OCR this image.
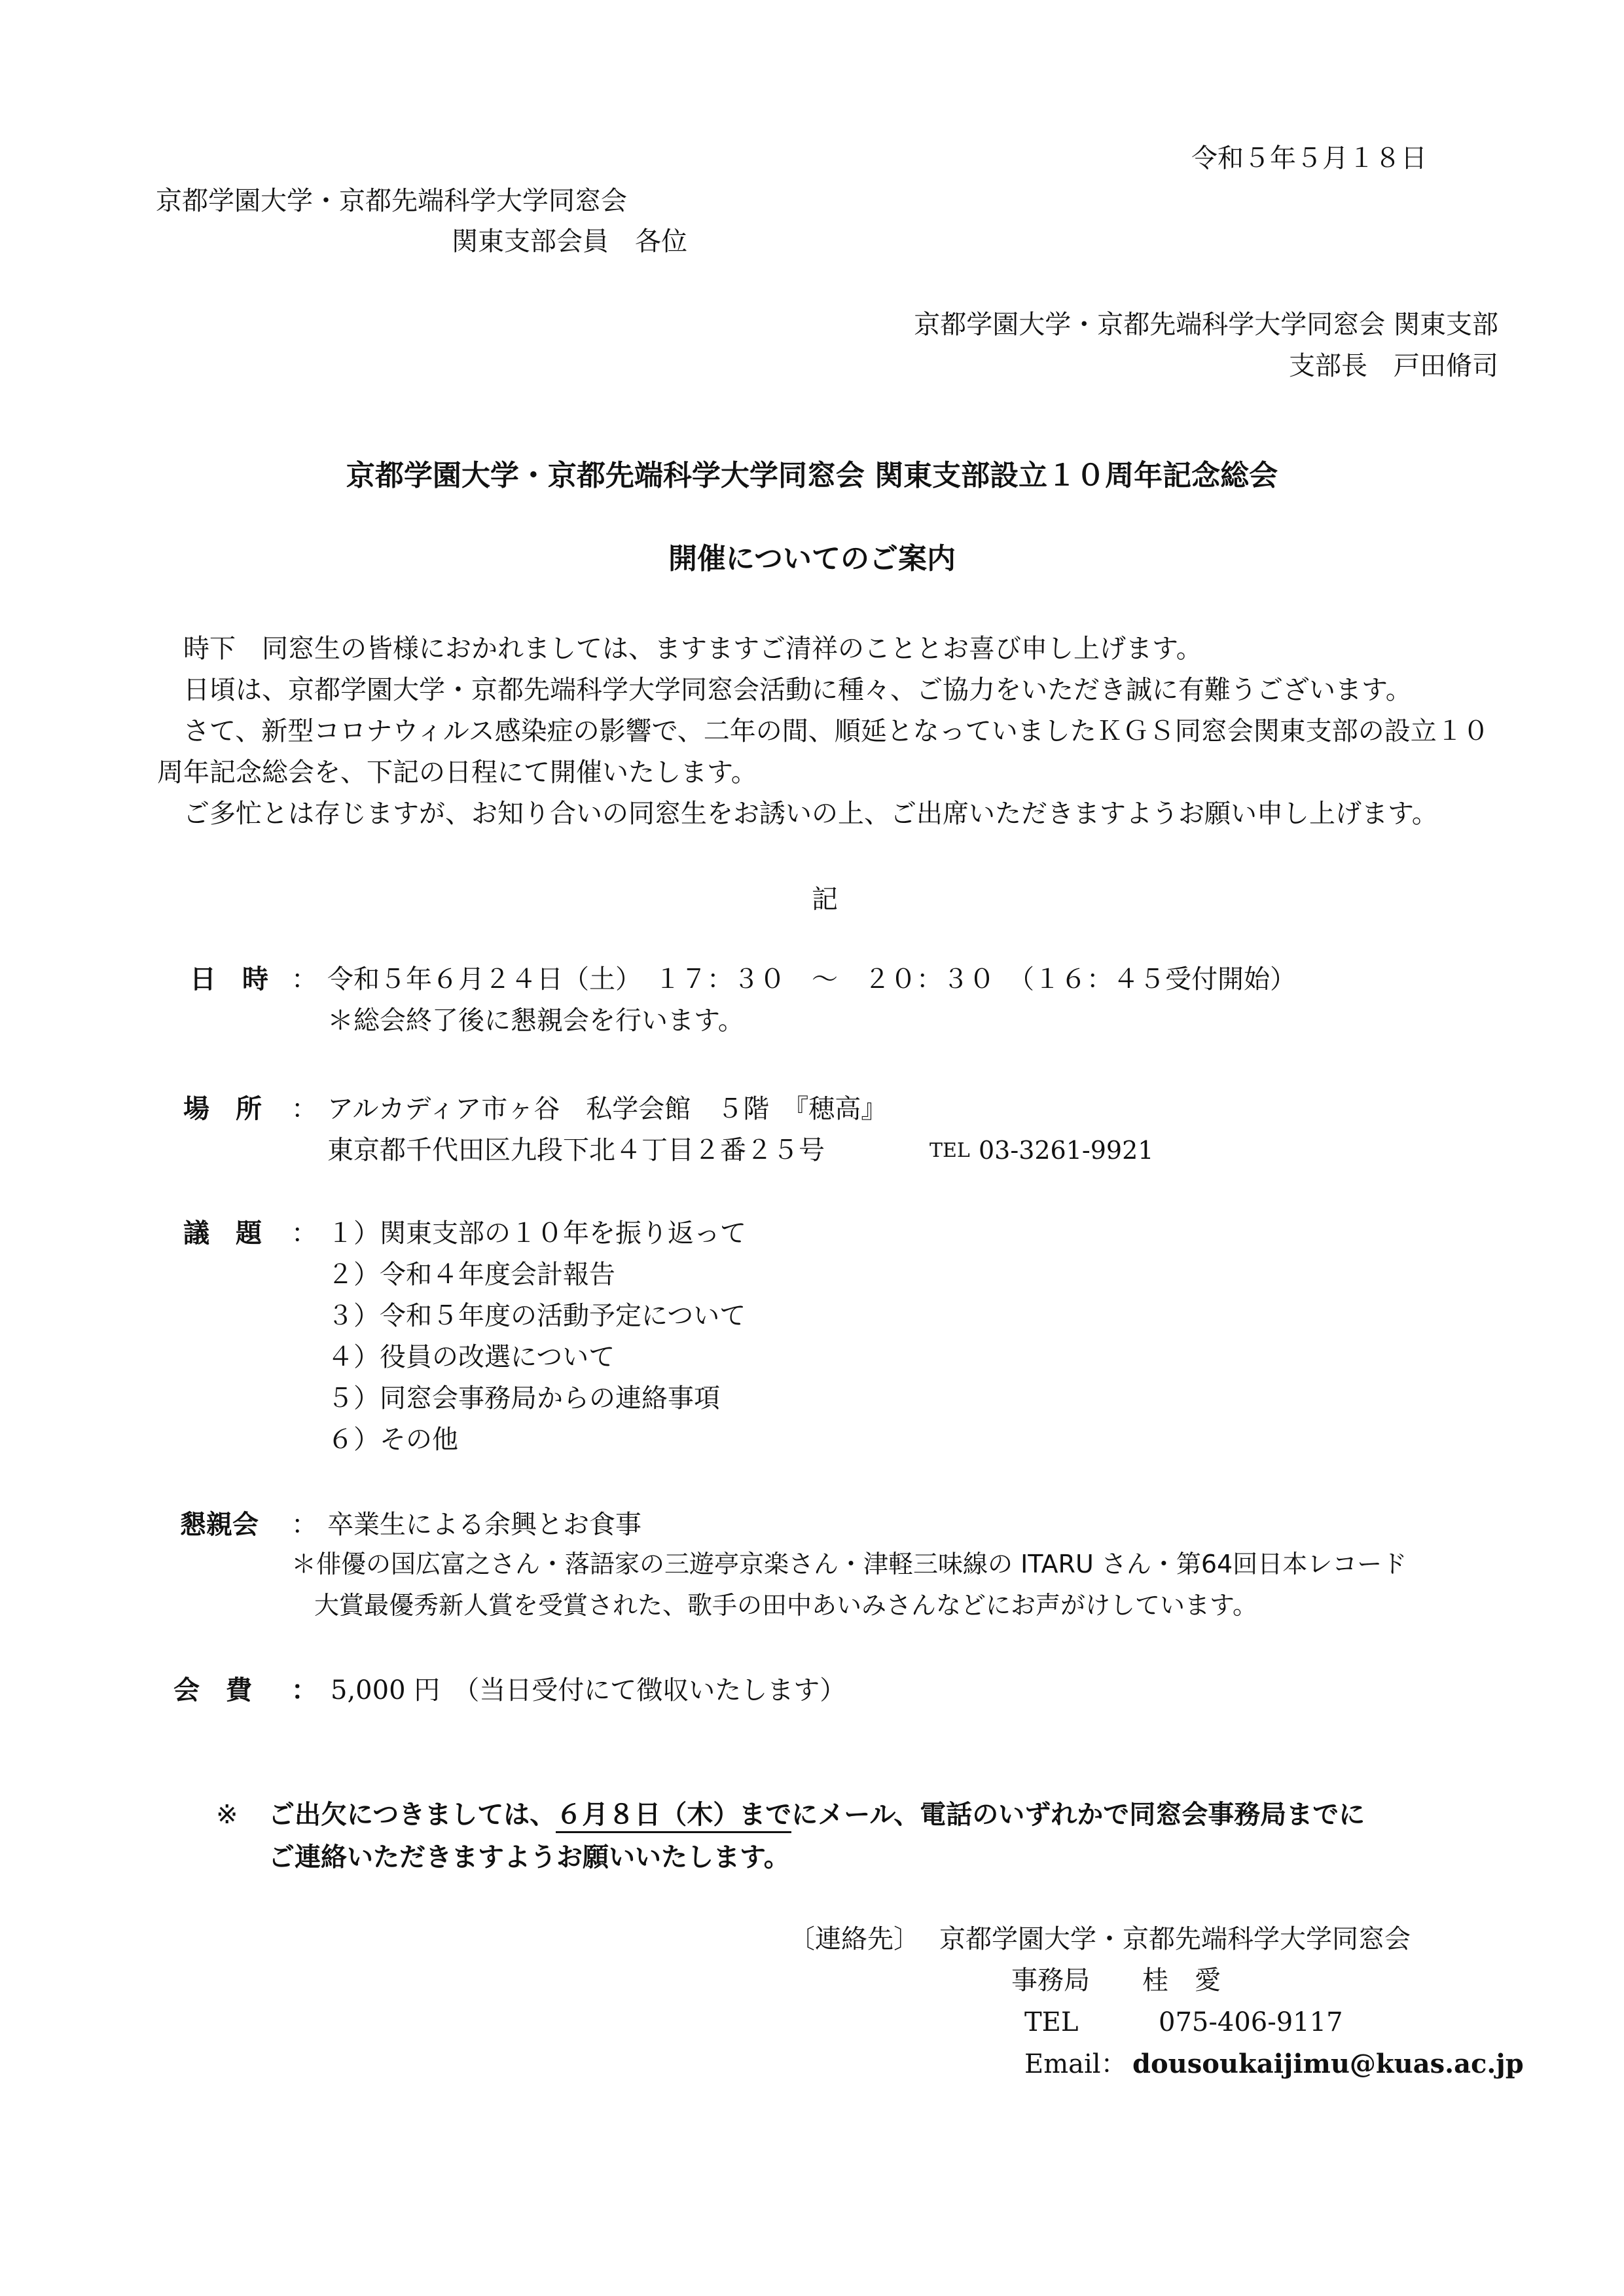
令和５年５月１８日
京都学園大学・京都先端科学大学同窓会
関東支部会員　各位
京都学園大学・京都先端科学大学同窓会 関東支部
支部長　戸田脩司
京都学園大学・京都先端科学大学同窓会 関東支部設立１０周年記念総会
開催についてのご案内
時下　同窓生の皆様におかれましては、ますますご清祥のこととお喜び申し上げます。
日頃は、京都学園大学・京都先端科学大学同窓会活動に種々、ご協力をいただき誠に有難うございます。
さて、新型コロナウィルス感染症の影響で、二年の間、順延となっていましたＫＧＳ同窓会関東支部の設立１０周年記念総会を、下記の日程にて開催いたします。
ご多忙とは存じますが、お知り合いの同窓生をお誘いの上、ご出席いただきますようお願い申し上げます。
記
日　時 ： 令和５年６月２４日（土）　１７：３０　～　２０：３０　（１６：４５受付開始）
＊総会終了後に懇親会を行います。
場　所 ： アルカディア市ヶ谷　私学会館　５階　『穂高』
東京都千代田区九段下北４丁目２番２５号	TEL 03-3261-9921
議　題 ： １）関東支部の１０年を振り返って
２）令和４年度会計報告
３）令和５年度の活動予定について
４）役員の改選について
５）同窓会事務局からの連絡事項
６）その他
懇親会 ： 卒業生による余興とお食事
＊俳優の国広富之さん・落語家の三遊亭京楽さん・津軽三味線の ITARU さん・第64回日本レコード
大賞最優秀新人賞を受賞された、歌手の田中あいみさんなどにお声がけしています。
会　費 ： 5,000 円　（当日受付にて徴収いたします）
※ ご出欠につきましては、６月８日（木）までにメール、電話のいずれかで同窓会事務局までに
ご連絡いただきますようお願いいたします。
〔連絡先〕 京都学園大学・京都先端科学大学同窓会
事務局　　桂　愛
TEL	075-406-9117
Email： dousoukaijimu@kuas.ac.jp
